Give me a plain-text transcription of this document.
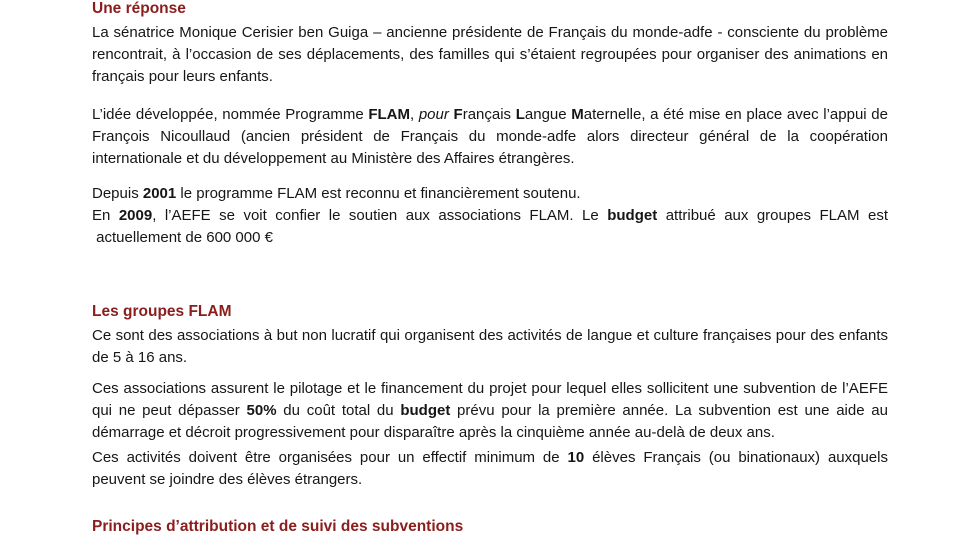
Une réponse

La sénatrice Monique Cerisier ben Guiga – ancienne présidente de Français du monde-adfe - consciente du problème rencontrait, à l’occasion de ses déplacements, des familles qui s’étaient regroupées pour organiser des animations en français pour leurs enfants.

L’idée développée, nommée Programme FLAM, pour Français Langue Maternelle, a été mise en place avec l’appui de François Nicoullaud (ancien président de Français du monde-adfe alors directeur général de la coopération internationale et du développement au Ministère des Affaires étrangères.

Depuis 2001 le programme FLAM est reconnu et financièrement soutenu.
En 2009, l’AEFE se voit confier le soutien aux associations FLAM. Le budget attribué aux groupes FLAM est  actuellement de 600 000 €

Les groupes FLAM

Ce sont des associations à but non lucratif qui organisent des activités de langue et culture françaises pour des enfants de 5 à 16 ans.

Ces associations assurent le pilotage et le financement du projet pour lequel elles sollicitent une subvention de l’AEFE qui ne peut dépasser 50% du coût total du budget prévu pour la première année. La subvention est une aide au démarrage et décroit progressivement pour disparaître après la cinquième année au-delà de deux ans.

Ces activités doivent être organisées pour un effectif minimum de 10 élèves Français (ou binationaux) auxquels peuvent se joindre des élèves étrangers.

Principes d’attribution et de suivi des subventions
